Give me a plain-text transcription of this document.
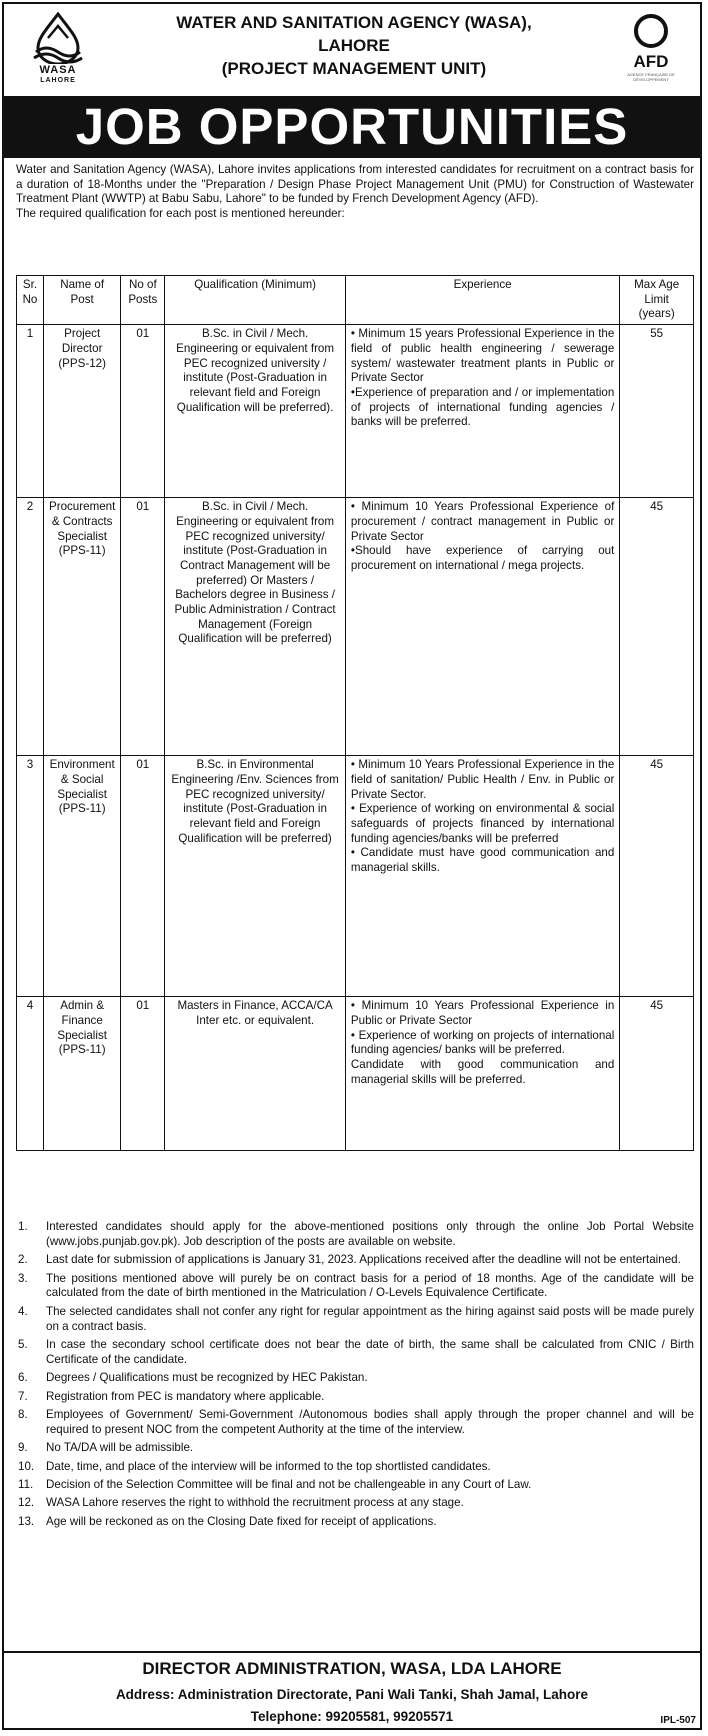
WASA
LAHORE
WATER AND SANITATION AGENCY (WASA),
LAHORE
(PROJECT MANAGEMENT UNIT)	AFD
AGENCE FRANÇAISE DE DÉVELOPPEMENT
JOB OPPORTUNITIES
Water and Sanitation Agency (WASA), Lahore invites applications from interested candidates for recruitment on a contract basis for a duration of 18-Months under the "Preparation / Design Phase Project Management Unit (PMU) for Construction of Wastewater Treatment Plant (WWTP) at Babu Sabu, Lahore" to be funded by French Development Agency (AFD).
The required qualification for each post is mentioned hereunder:
Sr. No	Name of Post	No of Posts	Qualification (Minimum)	Experience	Max Age Limit (years)
1	Project Director (PPS-12)	01	B.Sc. in Civil / Mech. Engineering or equivalent from PEC recognized university / institute (Post-Graduation in relevant field and Foreign Qualification will be preferred).	• Minimum 15 years Professional Experience in the field of public health engineering / sewerage system/ wastewater treatment plants in Public or Private Sector

•Experience of preparation and / or implementation of projects of international funding agencies / banks will be preferred.	55
2	Procurement & Contracts Specialist (PPS-11)	01	B.Sc. in Civil / Mech. Engineering or equivalent from PEC recognized university/ institute (Post-Graduation in Contract Management will be preferred) Or Masters / Bachelors degree in Business / Public Administration / Contract Management (Foreign Qualification will be preferred)	• Minimum 10 Years Professional Experience of procurement / contract management in Public or Private Sector

•Should have experience of carrying out procurement on international / mega projects.	45
3	Environment & Social Specialist (PPS-11)	01	B.Sc. in Environmental Engineering /Env. Sciences from PEC recognized university/ institute (Post-Graduation in relevant field and Foreign Qualification will be preferred)	• Minimum 10 Years Professional Experience in the field of sanitation/ Public Health / Env. in Public or Private Sector.

• Experience of working on environmental & social safeguards of projects financed by international funding agencies/banks will be preferred

• Candidate must have good communication and managerial skills.	45
4	Admin & Finance Specialist (PPS-11)	01	Masters in Finance, ACCA/CA Inter etc. or equivalent.	• Minimum 10 Years Professional Experience in Public or Private Sector

• Experience of working on projects of international funding agencies/ banks will be preferred.

Candidate with good communication and managerial skills will be preferred.	45
1. Interested candidates should apply for the above-mentioned positions only through the online Job Portal Website (www.jobs.punjab.gov.pk). Job description of the posts are available on website.
2. Last date for submission of applications is January 31, 2023. Applications received after the deadline will not be entertained.
3. The positions mentioned above will purely be on contract basis for a period of 18 months. Age of the candidate will be calculated from the date of birth mentioned in the Matriculation / O-Levels Equivalence Certificate.
4. The selected candidates shall not confer any right for regular appointment as the hiring against said posts will be made purely on a contract basis.
5. In case the secondary school certificate does not bear the date of birth, the same shall be calculated from CNIC / Birth Certificate of the candidate.
6. Degrees / Qualifications must be recognized by HEC Pakistan.
7. Registration from PEC is mandatory where applicable.
8. Employees of Government/ Semi-Government /Autonomous bodies shall apply through the proper channel and will be required to present NOC from the competent Authority at the time of the interview.
9. No TA/DA will be admissible.
10. Date, time, and place of the interview will be informed to the top shortlisted candidates.
11. Decision of the Selection Committee will be final and not be challengeable in any Court of Law.
12. WASA Lahore reserves the right to withhold the recruitment process at any stage.
13. Age will be reckoned as on the Closing Date fixed for receipt of applications.
DIRECTOR ADMINISTRATION, WASA, LDA LAHORE
Address: Administration Directorate, Pani Wali Tanki, Shah Jamal, Lahore
Telephone: 99205581, 99205571	IPL-507
